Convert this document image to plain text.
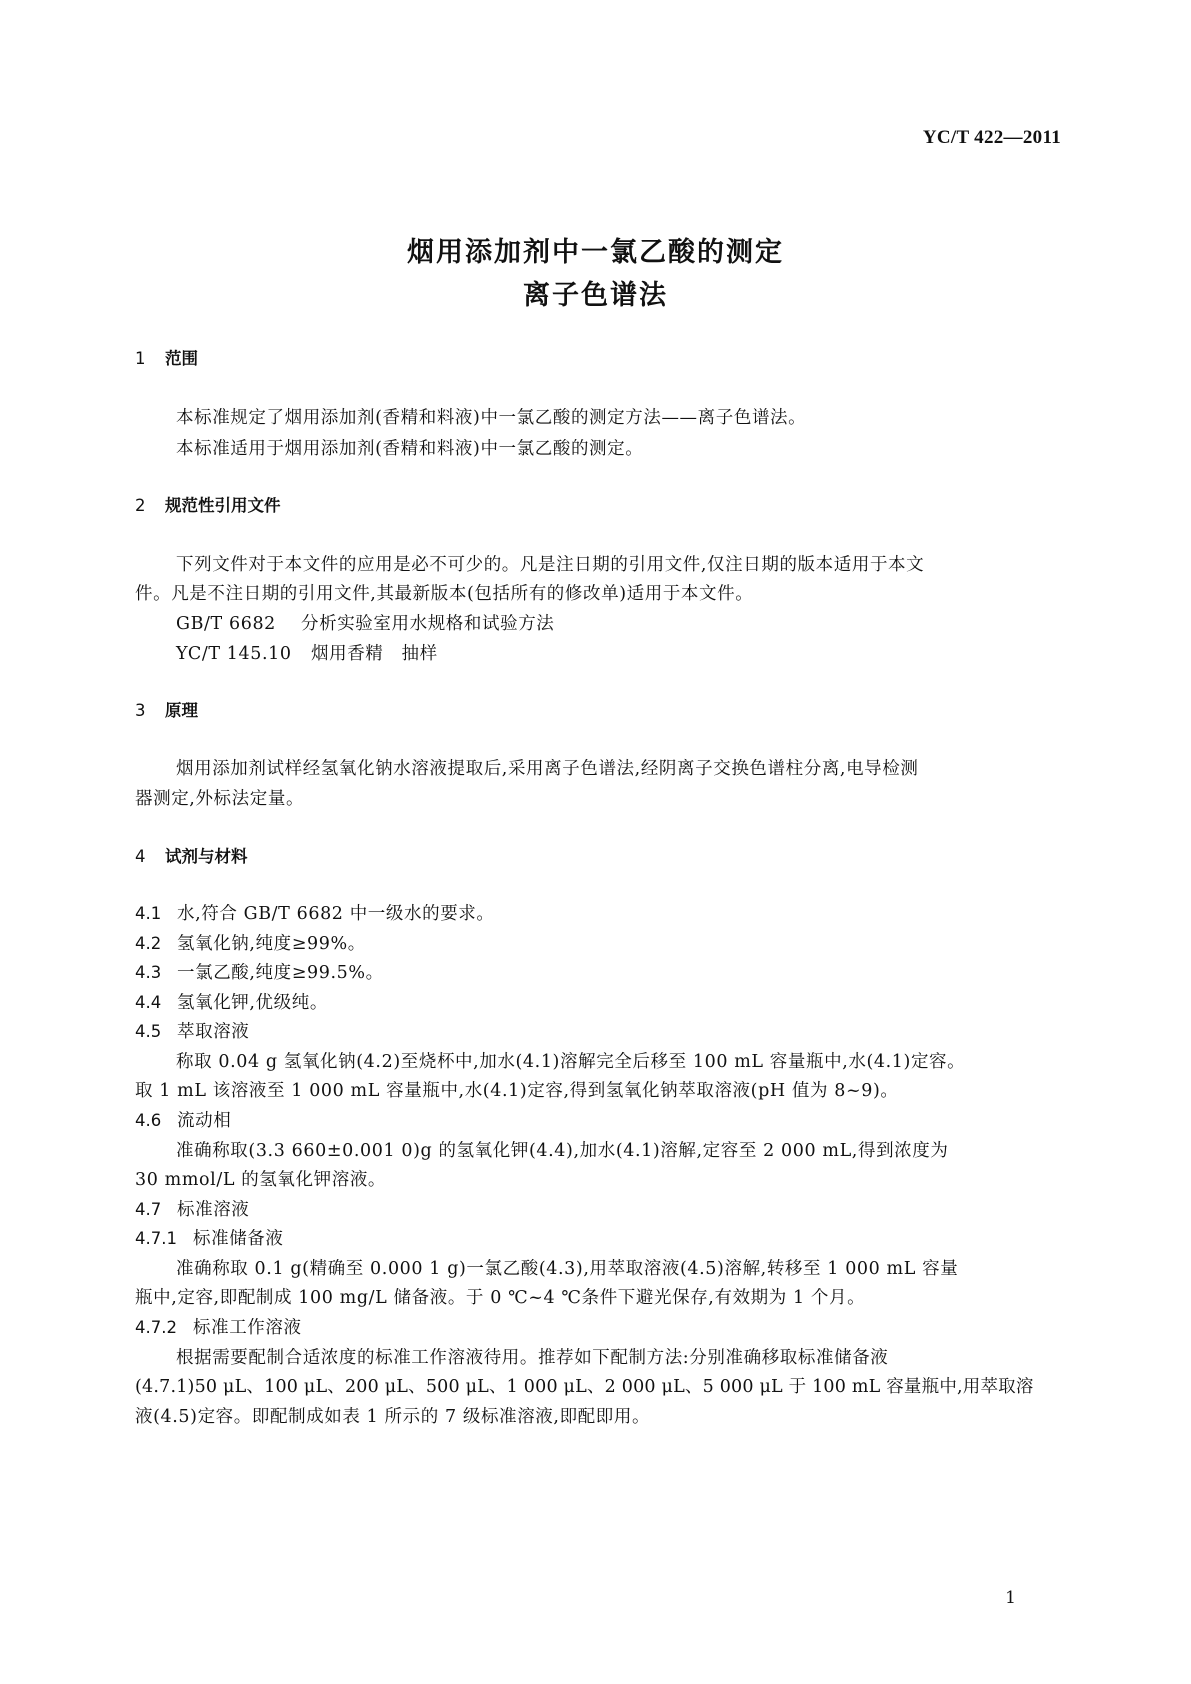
YC/T 422—2011
烟用添加剂中一氯乙酸的测定
离子色谱法
1 范围
本标准规定了烟用添加剂(香精和料液)中一氯乙酸的测定方法——离子色谱法。
本标准适用于烟用添加剂(香精和料液)中一氯乙酸的测定。
2 规范性引用文件
下列文件对于本文件的应用是必不可少的。凡是注日期的引用文件,仅注日期的版本适用于本文
件。凡是不注日期的引用文件,其最新版本(包括所有的修改单)适用于本文件。
GB/T 6682 分析实验室用水规格和试验方法
YC/T 145.10 烟用香精　抽样
3 原理
烟用添加剂试样经氢氧化钠水溶液提取后,采用离子色谱法,经阴离子交换色谱柱分离,电导检测
器测定,外标法定量。
4 试剂与材料
4.1 水,符合 GB/T 6682 中一级水的要求。
4.2 氢氧化钠,纯度≥99%。
4.3 一氯乙酸,纯度≥99.5%。
4.4 氢氧化钾,优级纯。
4.5 萃取溶液
称取 0.04 g 氢氧化钠(4.2)至烧杯中,加水(4.1)溶解完全后移至 100 mL 容量瓶中,水(4.1)定容。
取 1 mL 该溶液至 1 000 mL 容量瓶中,水(4.1)定容,得到氢氧化钠萃取溶液(pH 值为 8~9)。
4.6 流动相
准确称取(3.3 660±0.001 0)g 的氢氧化钾(4.4),加水(4.1)溶解,定容至 2 000 mL,得到浓度为
30 mmol/L 的氢氧化钾溶液。
4.7 标准溶液
4.7.1 标准储备液
准确称取 0.1 g(精确至 0.000 1 g)一氯乙酸(4.3),用萃取溶液(4.5)溶解,转移至 1 000 mL 容量
瓶中,定容,即配制成 100 mg/L 储备液。于 0 ℃~4 ℃条件下避光保存,有效期为 1 个月。
4.7.2 标准工作溶液
根据需要配制合适浓度的标准工作溶液待用。推荐如下配制方法:分别准确移取标准储备液
(4.7.1)50 μL、100 μL、200 μL、500 μL、1 000 μL、2 000 μL、5 000 μL 于 100 mL 容量瓶中,用萃取溶
液(4.5)定容。即配制成如表 1 所示的 7 级标准溶液,即配即用。
1
